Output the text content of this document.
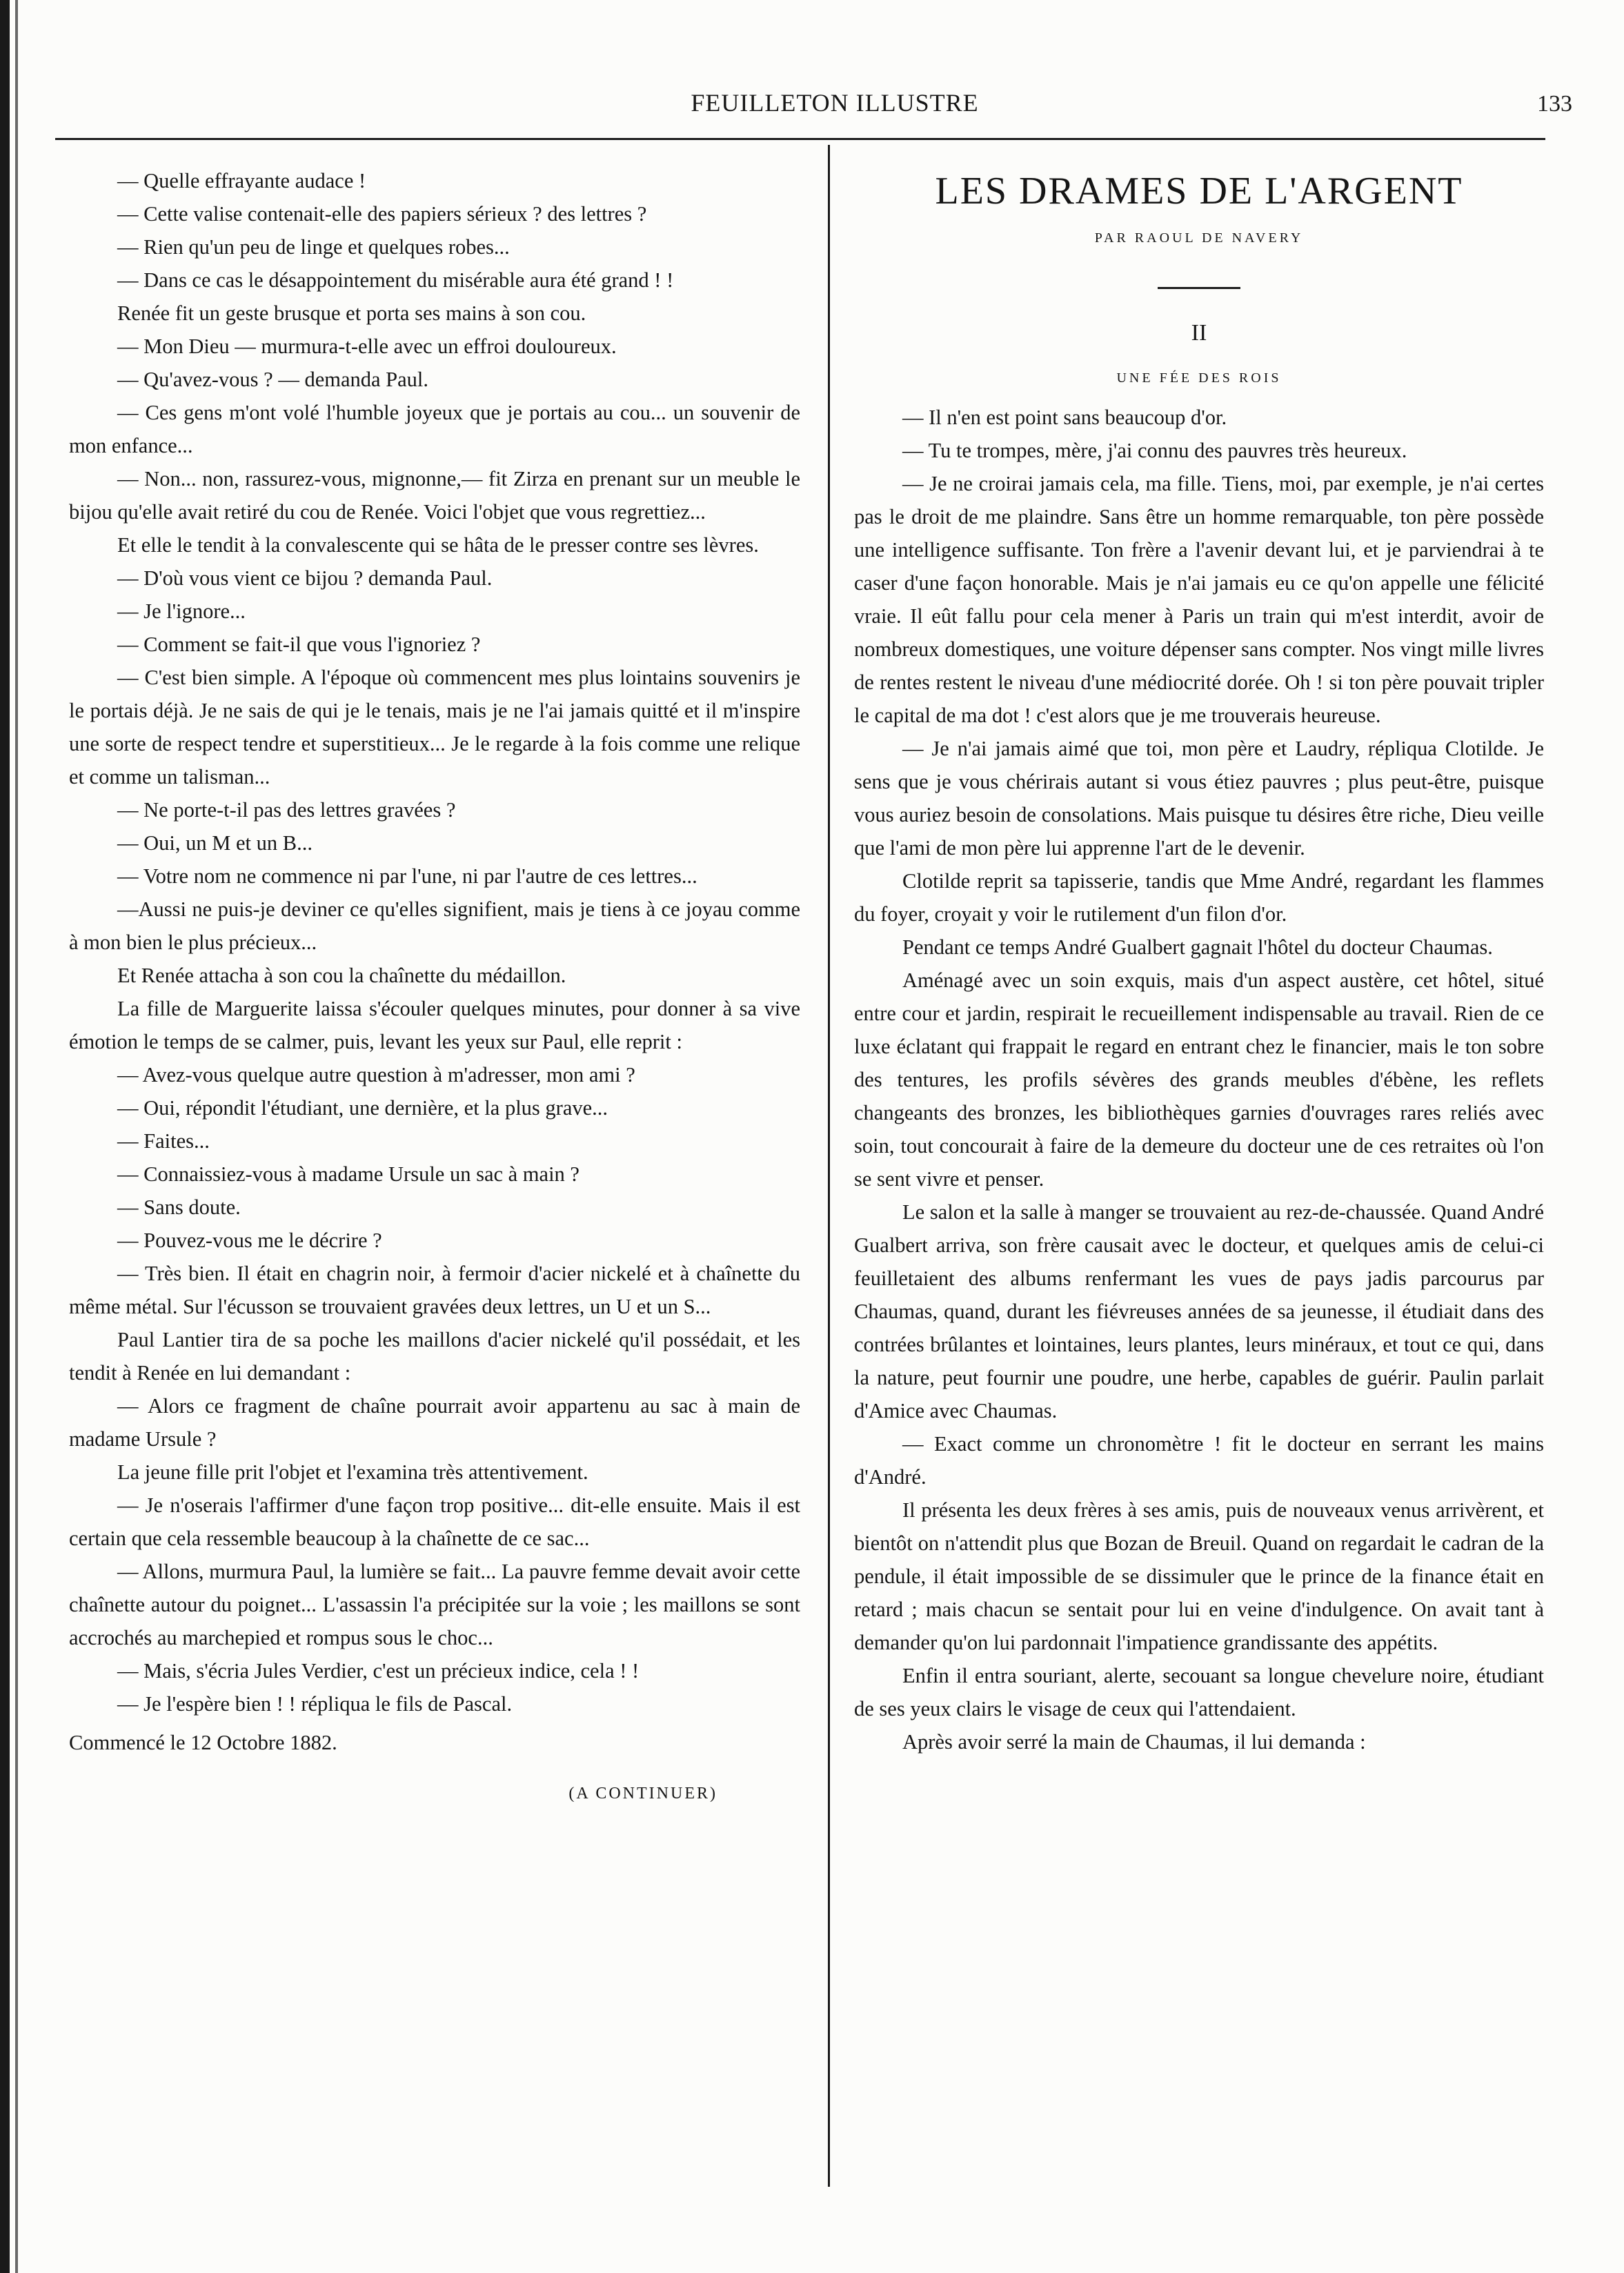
FEUILLETON ILLUSTRE	133

— Quelle effrayante audace !

— Cette valise contenait-elle des papiers sérieux ? des lettres ?

— Rien qu'un peu de linge et quelques robes...

— Dans ce cas le désappointement du misérable aura été grand ! !

Renée fit un geste brusque et porta ses mains à son cou.

— Mon Dieu — murmura-t-elle avec un effroi douloureux.

— Qu'avez-vous ? — demanda Paul.

— Ces gens m'ont volé l'humble joyeux que je portais au cou... un souvenir de mon enfance...

— Non... non, rassurez-vous, mignonne,— fit Zirza en prenant sur un meuble le bijou qu'elle avait retiré du cou de Renée. Voici l'objet que vous regrettiez...

Et elle le tendit à la convalescente qui se hâta de le presser contre ses lèvres.

— D'où vous vient ce bijou ? demanda Paul.

— Je l'ignore...

— Comment se fait-il que vous l'ignoriez ?

— C'est bien simple. A l'époque où commencent mes plus lointains souvenirs je le portais déjà. Je ne sais de qui je le tenais, mais je ne l'ai jamais quitté et il m'inspire une sorte de respect tendre et superstitieux... Je le regarde à la fois comme une relique et comme un talisman...

— Ne porte-t-il pas des lettres gravées ?

— Oui, un M et un B...

— Votre nom ne commence ni par l'une, ni par l'autre de ces lettres...

—Aussi ne puis-je deviner ce qu'elles signifient, mais je tiens à ce joyau comme à mon bien le plus précieux...

Et Renée attacha à son cou la chaînette du médaillon.

La fille de Marguerite laissa s'écouler quelques minutes, pour donner à sa vive émotion le temps de se calmer, puis, levant les yeux sur Paul, elle reprit :

— Avez-vous quelque autre question à m'adresser, mon ami ?

— Oui, répondit l'étudiant, une dernière, et la plus grave...

— Faites...

— Connaissiez-vous à madame Ursule un sac à main ?

— Sans doute.

— Pouvez-vous me le décrire ?

— Très bien. Il était en chagrin noir, à fermoir d'acier nickelé et à chaînette du même métal. Sur l'écusson se trouvaient gravées deux lettres, un U et un S...

Paul Lantier tira de sa poche les maillons d'acier nickelé qu'il possédait, et les tendit à Renée en lui demandant :

— Alors ce fragment de chaîne pourrait avoir appartenu au sac à main de madame Ursule ?

La jeune fille prit l'objet et l'examina très attentivement.

— Je n'oserais l'affirmer d'une façon trop positive... dit-elle ensuite. Mais il est certain que cela ressemble beaucoup à la chaînette de ce sac...

— Allons, murmura Paul, la lumière se fait... La pauvre femme devait avoir cette chaînette autour du poignet... L'assassin l'a précipitée sur la voie ; les maillons se sont accrochés au marchepied et rompus sous le choc...

— Mais, s'écria Jules Verdier, c'est un précieux indice, cela ! !

— Je l'espère bien ! ! répliqua le fils de Pascal.

Commencé le 12 Octobre 1882.

(A CONTINUER)
LES DRAMES DE L'ARGENT
PAR RAOUL DE NAVERY
II
UNE FÉE DES ROIS

— Il n'en est point sans beaucoup d'or.

— Tu te trompes, mère, j'ai connu des pauvres très heureux.

— Je ne croirai jamais cela, ma fille. Tiens, moi, par exemple, je n'ai certes pas le droit de me plaindre. Sans être un homme remarquable, ton père possède une intelligence suffisante. Ton frère a l'avenir devant lui, et je parviendrai à te caser d'une façon honorable. Mais je n'ai jamais eu ce qu'on appelle une félicité vraie. Il eût fallu pour cela mener à Paris un train qui m'est interdit, avoir de nombreux domestiques, une voiture dépenser sans compter. Nos vingt mille livres de rentes restent le niveau d'une médiocrité dorée. Oh ! si ton père pouvait tripler le capital de ma dot ! c'est alors que je me trouverais heureuse.

— Je n'ai jamais aimé que toi, mon père et Laudry, répliqua Clotilde. Je sens que je vous chérirais autant si vous étiez pauvres ; plus peut-être, puisque vous auriez besoin de consolations. Mais puisque tu désires être riche, Dieu veille que l'ami de mon père lui apprenne l'art de le devenir.

Clotilde reprit sa tapisserie, tandis que Mme André, regardant les flammes du foyer, croyait y voir le rutilement d'un filon d'or.

Pendant ce temps André Gualbert gagnait l'hôtel du docteur Chaumas.

Aménagé avec un soin exquis, mais d'un aspect austère, cet hôtel, situé entre cour et jardin, respirait le recueillement indispensable au travail. Rien de ce luxe éclatant qui frappait le regard en entrant chez le financier, mais le ton sobre des tentures, les profils sévères des grands meubles d'ébène, les reflets changeants des bronzes, les bibliothèques garnies d'ouvrages rares reliés avec soin, tout concourait à faire de la demeure du docteur une de ces retraites où l'on se sent vivre et penser.

Le salon et la salle à manger se trouvaient au rez-de-chaussée. Quand André Gualbert arriva, son frère causait avec le docteur, et quelques amis de celui-ci feuilletaient des albums renfermant les vues de pays jadis parcourus par Chaumas, quand, durant les fiévreuses années de sa jeunesse, il étudiait dans des contrées brûlantes et lointaines, leurs plantes, leurs minéraux, et tout ce qui, dans la nature, peut fournir une poudre, une herbe, capables de guérir. Paulin parlait d'Amice avec Chaumas.

— Exact comme un chronomètre ! fit le docteur en serrant les mains d'André.

Il présenta les deux frères à ses amis, puis de nouveaux venus arrivèrent, et bientôt on n'attendit plus que Bozan de Breuil. Quand on regardait le cadran de la pendule, il était impossible de se dissimuler que le prince de la finance était en retard ; mais chacun se sentait pour lui en veine d'indulgence. On avait tant à demander qu'on lui pardonnait l'impatience grandissante des appétits.

Enfin il entra souriant, alerte, secouant sa longue chevelure noire, étudiant de ses yeux clairs le visage de ceux qui l'attendaient.

Après avoir serré la main de Chaumas, il lui demanda :
